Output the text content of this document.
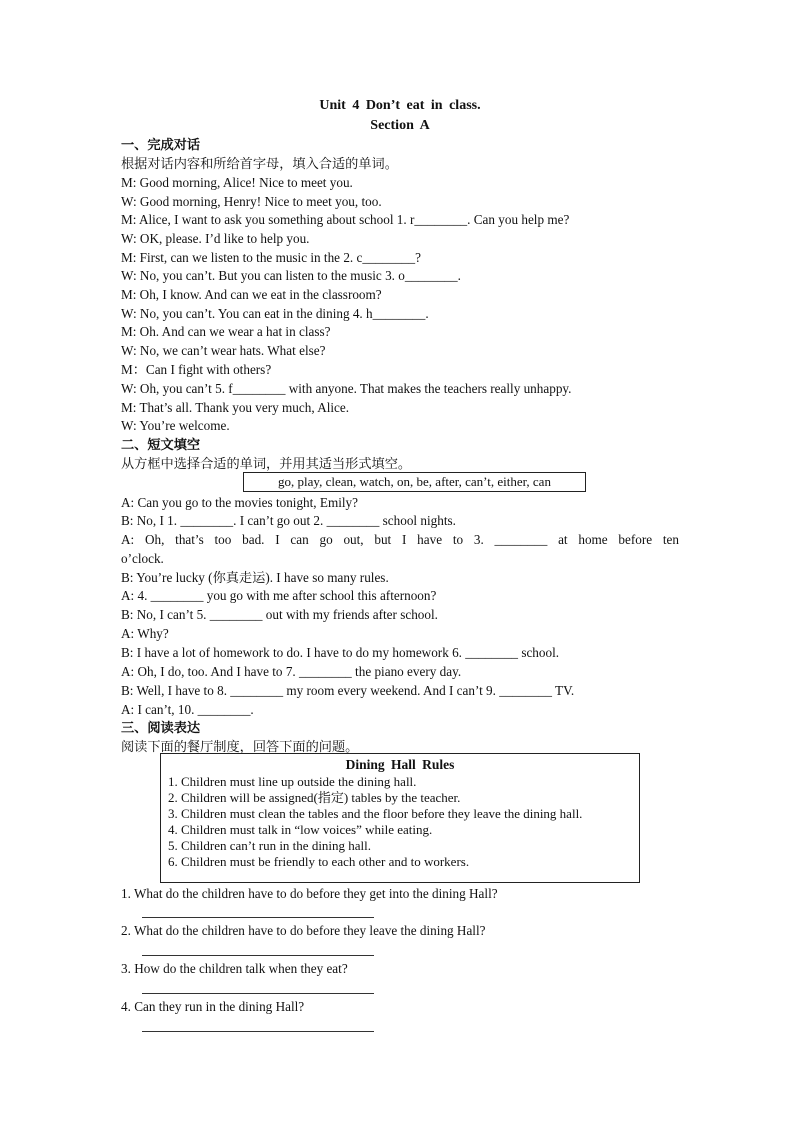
Unit 4 Don’t eat in class.
Section A
一、完成对话
根据对话内容和所给首字母，填入合适的单词。
M: Good morning, Alice! Nice to meet you.
W: Good morning, Henry! Nice to meet you, too.
M: Alice, I want to ask you something about school 1. r________. Can you help me?
W: OK, please. I’d like to help you.
M: First, can we listen to the music in the 2. c________?
W: No, you can’t. But you can listen to the music 3. o________.
M: Oh, I know. And can we eat in the classroom?
W: No, you can’t. You can eat in the dining 4. h________.
M: Oh. And can we wear a hat in class?
W: No, we can’t wear hats. What else?
M：Can I fight with others?
W: Oh, you can’t 5. f________ with anyone. That makes the teachers really unhappy.
M: That’s all. Thank you very much, Alice.
W: You’re welcome.
二、短文填空
从方框中选择合适的单词，并用其适当形式填空。
go, play, clean, watch, on, be, after, can’t, either, can
A: Can you go to the movies tonight, Emily?
B: No, I 1. ________. I can’t go out 2. ________ school nights.
A: Oh, that’s too bad. I can go out, but I have to 3. ________ at home before ten
o’clock.
B: You’re lucky (你真走运). I have so many rules.
A: 4. ________ you go with me after school this afternoon?
B: No, I can’t 5. ________ out with my friends after school.
A: Why?
B: I have a lot of homework to do. I have to do my homework 6. ________ school.
A: Oh, I do, too. And I have to 7. ________ the piano every day.
B: Well, I have to 8. ________ my room every weekend. And I can’t 9. ________ TV.
A: I can’t, 10. ________.
三、阅读表达
阅读下面的餐厅制度，回答下面的问题。
Dining Hall Rules
1. Children must line up outside the dining hall.
2. Children will be assigned(指定) tables by the teacher.
3. Children must clean the tables and the floor before they leave the dining hall.
4. Children must talk in “low voices” while eating.
5. Children can’t run in the dining hall.
6. Children must be friendly to each other and to workers.
1. What do the children have to do before they get into the dining Hall?
2. What do the children have to do before they leave the dining Hall?
3. How do the children talk when they eat?
4. Can they run in the dining Hall?
